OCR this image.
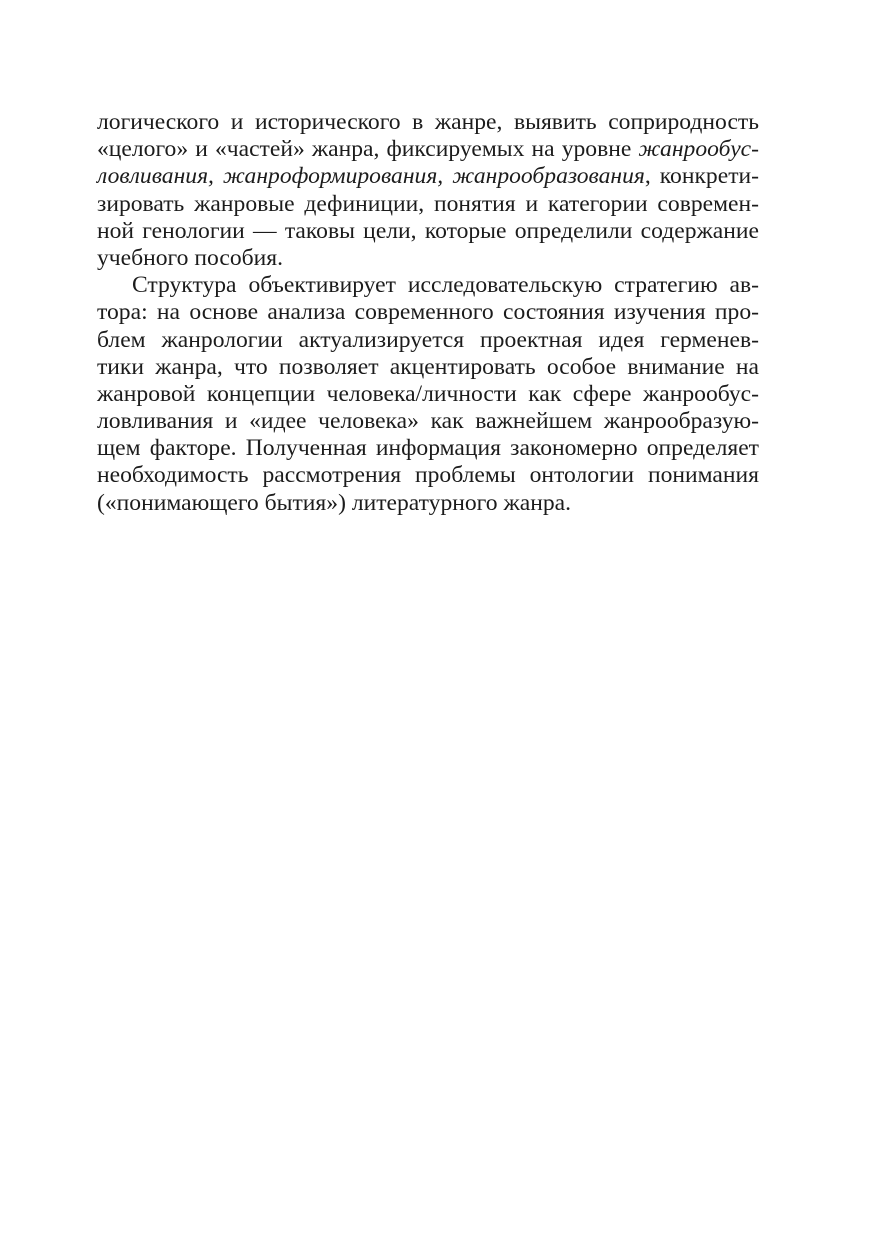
логического и исторического в жанре, выявить соприродность
«целого» и «частей» жанра, фиксируемых на уровне жанрообус-
ловливания, жанроформирования, жанрообразования, конкрети-
зировать жанровые дефиниции, понятия и категории современ-
ной генологии — таковы цели, которые определили содержание
учебного пособия.
Структура объективирует исследовательскую стратегию ав-
тора: на основе анализа современного состояния изучения про-
блем жанрологии актуализируется проектная идея герменев-
тики жанра, что позволяет акцентировать особое внимание на
жанровой концепции человека/личности как сфере жанрообус-
ловливания и «идее человека» как важнейшем жанрообразую-
щем факторе. Полученная информация закономерно определяет
необходимость рассмотрения проблемы онтологии понимания
(«понимающего бытия») литературного жанра.
